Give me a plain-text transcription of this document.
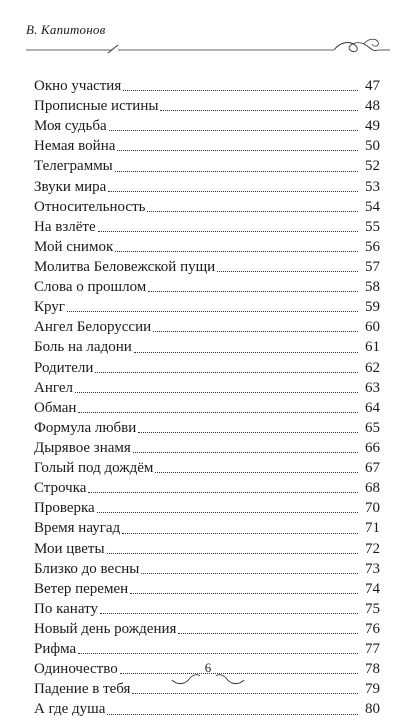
В. Капитонов
Окно участия	47
Прописные истины	48
Моя судьба	49
Немая война	50
Телеграммы	52
Звуки мира	53
Относительность	54
На взлёте	55
Мой снимок	56
Молитва Беловежской пущи	57
Слова о прошлом	58
Круг	59
Ангел Белоруссии	60
Боль на ладони	61
Родители	62
Ангел	63
Обман	64
Формула любви	65
Дырявое знамя	66
Голый под дождём	67
Строчка	68
Проверка	70
Время наугад	71
Мои цветы	72
Близко до весны	73
Ветер перемен	74
По канату	75
Новый день рождения	76
Рифма	77
Одиночество	78
Падение в тебя	79
А где душа	80
6
